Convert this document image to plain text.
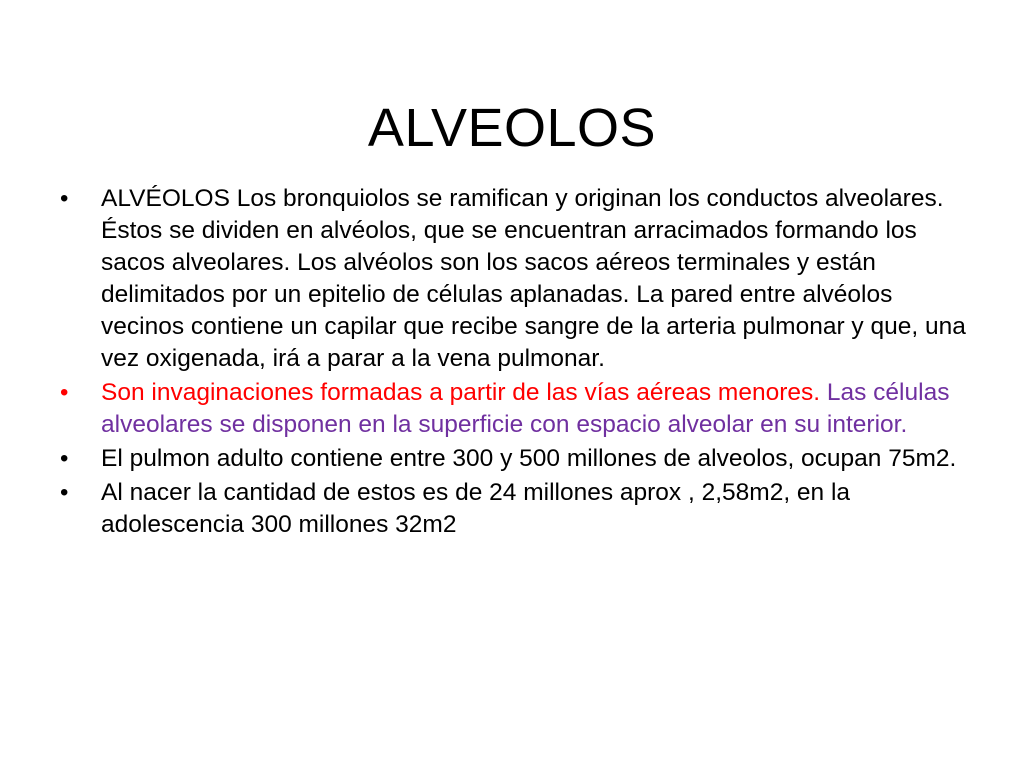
ALVEOLOS
•	ALVÉOLOS Los bronquiolos se ramifican y originan los conductos alveolares. Éstos se dividen en alvéolos, que se encuentran arracimados formando los sacos alveolares. Los alvéolos son los sacos aéreos terminales y están delimitados por un epitelio de células aplanadas. La pared entre alvéolos vecinos contiene un capilar que recibe sangre de la arteria pulmonar y que, una vez oxigenada, irá a parar a la vena pulmonar.
•	Son invaginaciones formadas a partir de las vías aéreas menores. Las células alveolares se disponen en la superficie con espacio alveolar en su interior.
•	El pulmon adulto contiene entre 300 y 500 millones de alveolos, ocupan 75m2.
•	Al nacer la cantidad de estos es de 24 millones aprox , 2,58m2, en la adolescencia 300 millones 32m2
